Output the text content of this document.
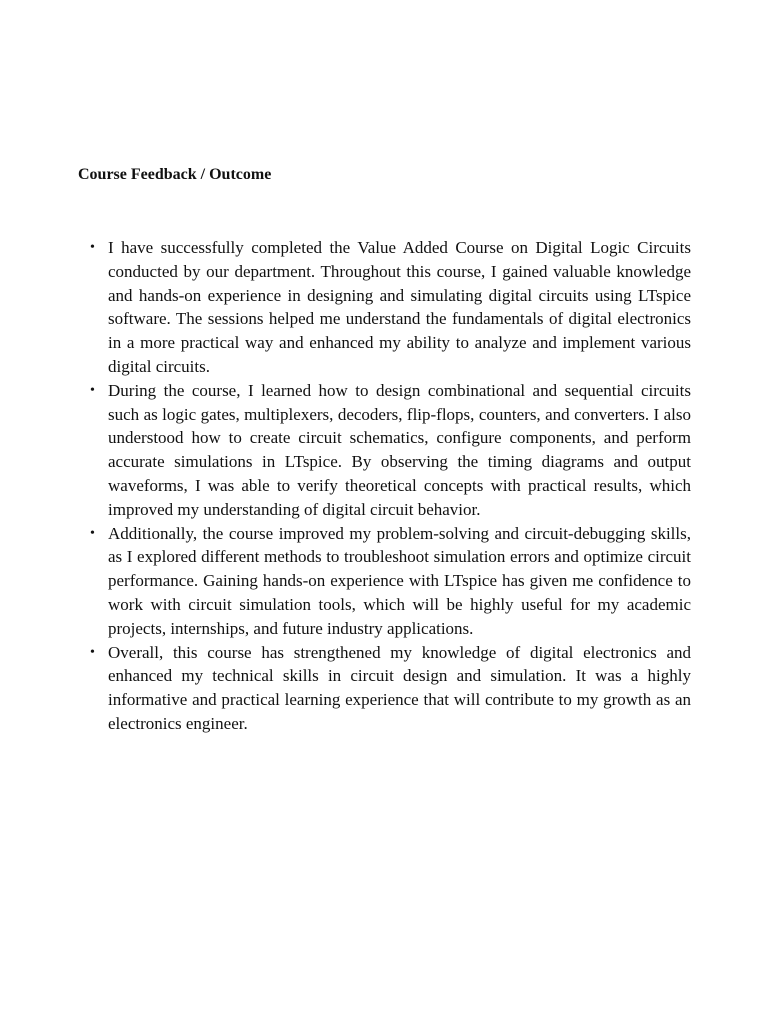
Course Feedback / Outcome
• I have successfully completed the Value Added Course on Digital Logic Circuits conducted by our department. Throughout this course, I gained valuable knowledge and hands-on experience in designing and simulating digital circuits using LTspice software. The sessions helped me understand the fundamentals of digital electronics in a more practical way and enhanced my ability to analyze and implement various digital circuits.
• During the course, I learned how to design combinational and sequential circuits such as logic gates, multiplexers, decoders, flip-flops, counters, and converters. I also understood how to create circuit schematics, configure components, and perform accurate simulations in LTspice. By observing the timing diagrams and output waveforms, I was able to verify theoretical concepts with practical results, which improved my understanding of digital circuit behavior.
• Additionally, the course improved my problem-solving and circuit-debugging skills, as I explored different methods to troubleshoot simulation errors and optimize circuit performance. Gaining hands-on experience with LTspice has given me confidence to work with circuit simulation tools, which will be highly useful for my academic projects, internships, and future industry applications.
• Overall, this course has strengthened my knowledge of digital electronics and enhanced my technical skills in circuit design and simulation. It was a highly informative and practical learning experience that will contribute to my growth as an electronics engineer.
